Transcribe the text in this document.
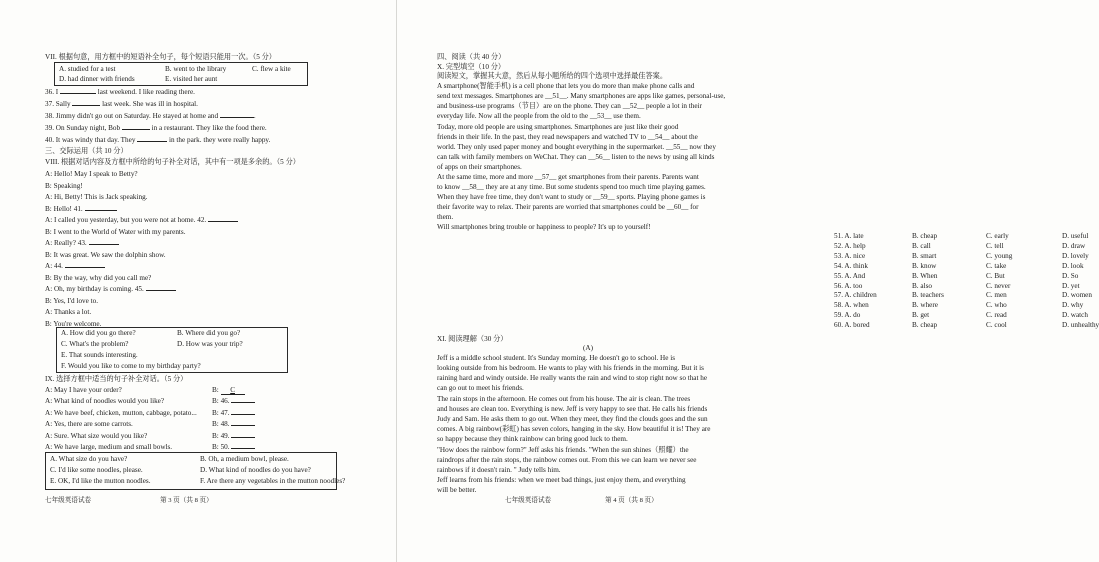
VII. 根据句意，用方框中的短语补全句子，每个短语只能用一次。（5 分）
A. studied for a test	B. went to the library	C. flew a kite
D. had dinner with friends	E. visited her aunt
36. I	last weekend. I like reading there.
37. Sally	last week. She was ill in hospital.
38. Jimmy didn't go out on Saturday. He stayed at home and	.
39. On Sunday night, Bob	in a restaurant. They like the food there.
40. It was windy that day. They	in the park. they were really happy.
三、交际运用（共 10 分）
VIII. 根据对话内容及方框中所给的句子补全对话，其中有一项是多余的。（5 分）
A: Hello! May I speak to Betty?
B: Speaking!
A: Hi, Betty! This is Jack speaking.
B: Hello! 41.
A: I called you yesterday, but you were not at home. 42.
B: I went to the World of Water with my parents.
A: Really? 43.
B: It was great. We saw the dolphin show.
A: 44.
B: By the way, why did you call me?
A: Oh, my birthday is coming. 45.
B: Yes, I'd love to.
A: Thanks a lot.
B: You're welcome.
A. How did you go there?	B. Where did you go?
C. What's the problem?	D. How was your trip?
E. That sounds interesting.
F. Would you like to come to my birthday party?
IX. 选择方框中适当的句子补全对话。（5 分）
A: May I have your order?	B: C
A: What kind of noodles would you like?	B: 46.
A: We have beef, chicken, mutton, cabbage, potato... B: 47.
A: Yes, there are some carrots.	B: 48.
A: Sure. What size would you like?	B: 49.
A: We have large, medium and small bowls.	B: 50.
A. What size do you have?	B. Oh, a medium bowl, please.
C. I'd like some noodles, please.	D. What kind of noodles do you have?
E. OK, I'd like the mutton noodles.	F. Are there any vegetables in the mutton noodles?
七年级英语试卷	第 3 页（共 8 页）
四、阅读（共 40 分）
X. 完型填空（10 分）
阅读短文，掌握其大意，然后从每小题所给的四个选项中选择最佳答案。
A smartphone(智能手机) is a cell phone that lets you do more than make phone calls and
send text messages. Smartphones are __51__. Many smartphones are apps like games, personal-use,
and business-use programs（节目）are on the phone. They can __52__ people a lot in their
everyday life. Now all the people from the old to the __53__ use them.
Today, more old people are using smartphones. Smartphones are just like their good
friends in their life. In the past, they read newspapers and watched TV to __54__ about the
world. They only used paper money and bought everything in the supermarket. __55__ now they
can talk with family members on WeChat. They can __56__ listen to the news by using all kinds
of apps on their smartphones.
At the same time, more and more __57__ get smartphones from their parents. Parents want
to know __58__ they are at any time. But some students spend too much time playing games.
When they have free time, they don't want to study or __59__ sports. Playing phone games is
their favorite way to relax. Their parents are worried that smartphones could be __60__ for
them.
Will smartphones bring trouble or happiness to people? It's up to yourself!
51. A. late	B. cheap	C. early	D. useful
52. A. help	B. call	C. tell	D. draw
53. A. nice	B. smart	C. young	D. lovely
54. A. think	B. know	C. take	D. look
55. A. And	B. When	C. But	D. So
56. A. too	B. also	C. never	D. yet
57. A. children	B. teachers	C. men	D. women
58. A. when	B. where	C. who	D. why
59. A. do	B. get	C. read	D. watch
60. A. bored	B. cheap	C. cool	D. unhealthy
XI. 阅读理解（30 分）
(A)
Jeff is a middle school student. It's Sunday morning. He doesn't go to school. He is
looking outside from his bedroom. He wants to play with his friends in the morning. But it is
raining hard and windy outside. He really wants the rain and wind to stop right now so that he
can go out to meet his friends.
The rain stops in the afternoon. He comes out from his house. The air is clean. The trees
and houses are clean too. Everything is new. Jeff is very happy to see that. He calls his friends
Judy and Sam. He asks them to go out. When they meet, they find the clouds goes and the sun
comes. A big rainbow(彩虹) has seven colors, hanging in the sky. How beautiful it is! They are
so happy because they think rainbow can bring good luck to them.
"How does the rainbow form?" Jeff asks his friends. "When the sun shines（照耀）the
raindrops after the rain stops, the rainbow comes out. From this we can learn we never see
rainbows if it doesn't rain. " Judy tells him.
Jeff learns from his friends: when we meet bad things, just enjoy them, and everything
will be better.
七年级英语试卷	第 4 页（共 8 页）
